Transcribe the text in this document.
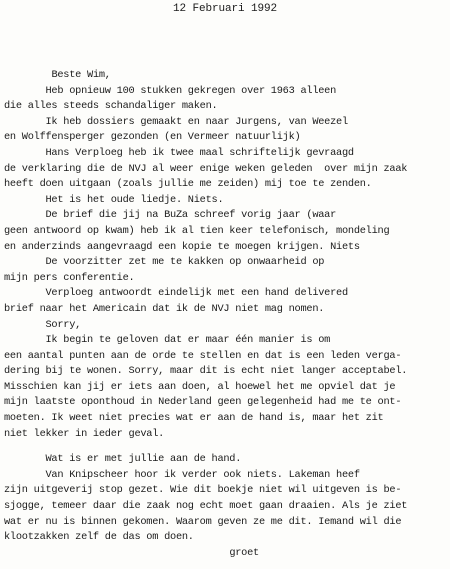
12 Februari 1992
Beste Wim,
Heb opnieuw 100 stukken gekregen over 1963 alleen
die alles steeds schandaliger maken.
Ik heb dossiers gemaakt en naar Jurgens, van Weezel
en Wolffensperger gezonden (en Vermeer natuurlijk)
Hans Verploeg heb ik twee maal schriftelijk gevraagd
de verklaring die de NVJ al weer enige weken geleden  over mijn zaak
heeft doen uitgaan (zoals jullie me zeiden) mij toe te zenden.
Het is het oude liedje. Niets.
De brief die jij na BuZa schreef vorig jaar (waar
geen antwoord op kwam) heb ik al tien keer telefonisch, mondeling
en anderzinds aangevraagd een kopie te moegen krijgen. Niets
De voorzitter zet me te kakken op onwaarheid op
mijn pers conferentie.
Verploeg antwoordt eindelijk met een hand delivered
brief naar het Americain dat ik de NVJ niet mag nomen.
Sorry,
Ik begin te geloven dat er maar één manier is om
een aantal punten aan de orde te stellen en dat is een leden verga-
dering bij te wonen. Sorry, maar dit is echt niet langer acceptabel.
Misschien kan jij er iets aan doen, al hoewel het me opviel dat je
mijn laatste oponthoud in Nederland geen gelegenheid had me te ont-
moeten. Ik weet niet precies wat er aan de hand is, maar het zit
niet lekker in ieder geval.
Wat is er met jullie aan de hand.
Van Knipscheer hoor ik verder ook niets. Lakeman heef
zijn uitgeverij stop gezet. Wie dit boekje niet wil uitgeven is be-
sjogge, temeer daar die zaak nog echt moet gaan draaien. Als je ziet
wat er nu is binnen gekomen. Waarom geven ze me dit. Iemand wil die
klootzakken zelf de das om doen.
groet
